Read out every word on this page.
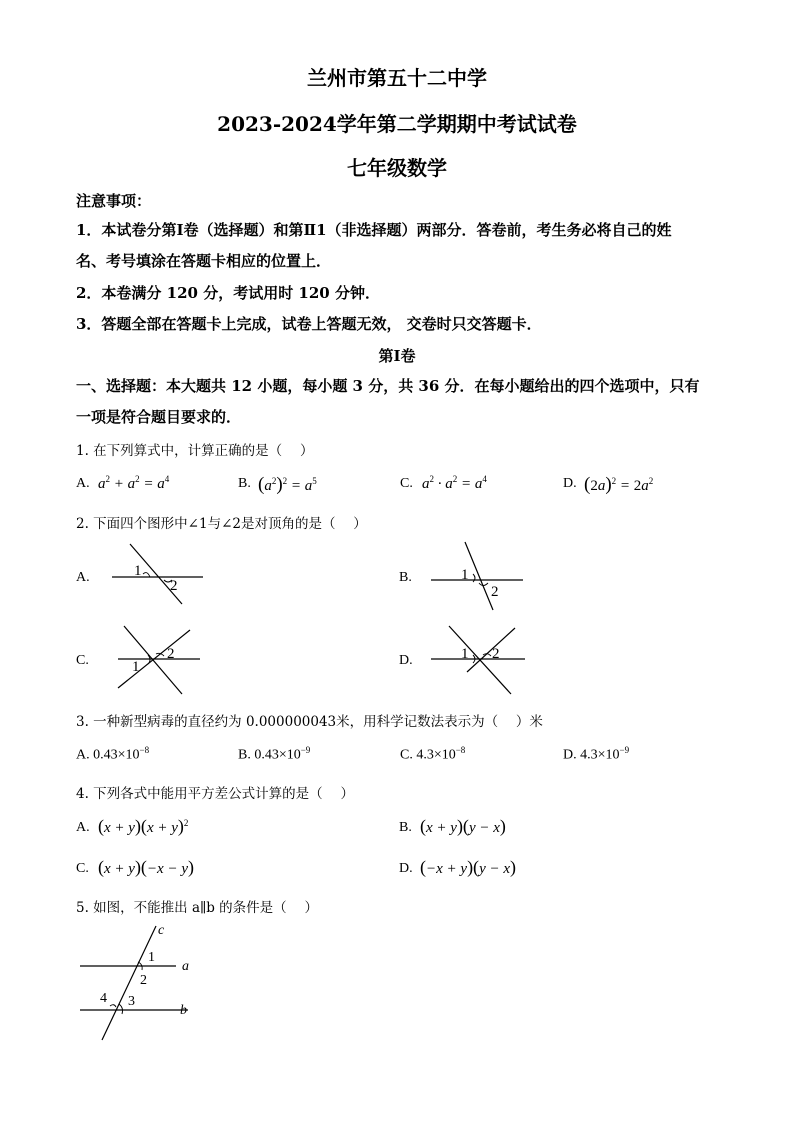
兰州市第五十二中学
2023-2024学年第二学期期中考试试卷
七年级数学
注意事项：
1．本试卷分第Ⅰ卷（选择题）和第Ⅱ1（非选择题）两部分．答卷前，考生务必将自己的姓
名、考号填涂在答题卡相应的位置上．
2．本卷满分 120 分，考试用时 120 分钟．
3．答题全部在答题卡上完成，试卷上答题无效， 交卷时只交答题卡．
第Ⅰ卷
一、选择题：本大题共 12 小题，每小题 3 分，共 36 分．在每小题给出的四个选项中，只有
一项是符合题目要求的．
1. 在下列算式中，计算正确的是（　 ）
A. $a^2 + a^2 = a^4$	B. $(a^2)^2 = a^5$	C. $a^2 \cdot a^2 = a^4$	D. $(2a)^2 = 2a^2$
2. 下面四个图形中∠1与∠2是对顶角的是（　 ）
A.	1
2
B.	1
2
C.	1
2	D.	1 2
3. 一种新型病毒的直径约为 0.000000043米，用科学记数法表示为（　 ）米
A. $0.43\times 10^{-8}$	B. $0.43\times 10^{-9}$	C. $4.3\times 10^{-8}$	D. $4.3\times 10^{-9}$
4. 下列各式中能用平方差公式计算的是（　 ）
A. $(x + y)(x + y)^2$	B. (x + y)(y − x)
C. (x + y)(−x − y)	D. (−x + y)(y − x)
5. 如图，不能推出 a∥b 的条件是（　 ）
c
1
2
a
4 3
b
